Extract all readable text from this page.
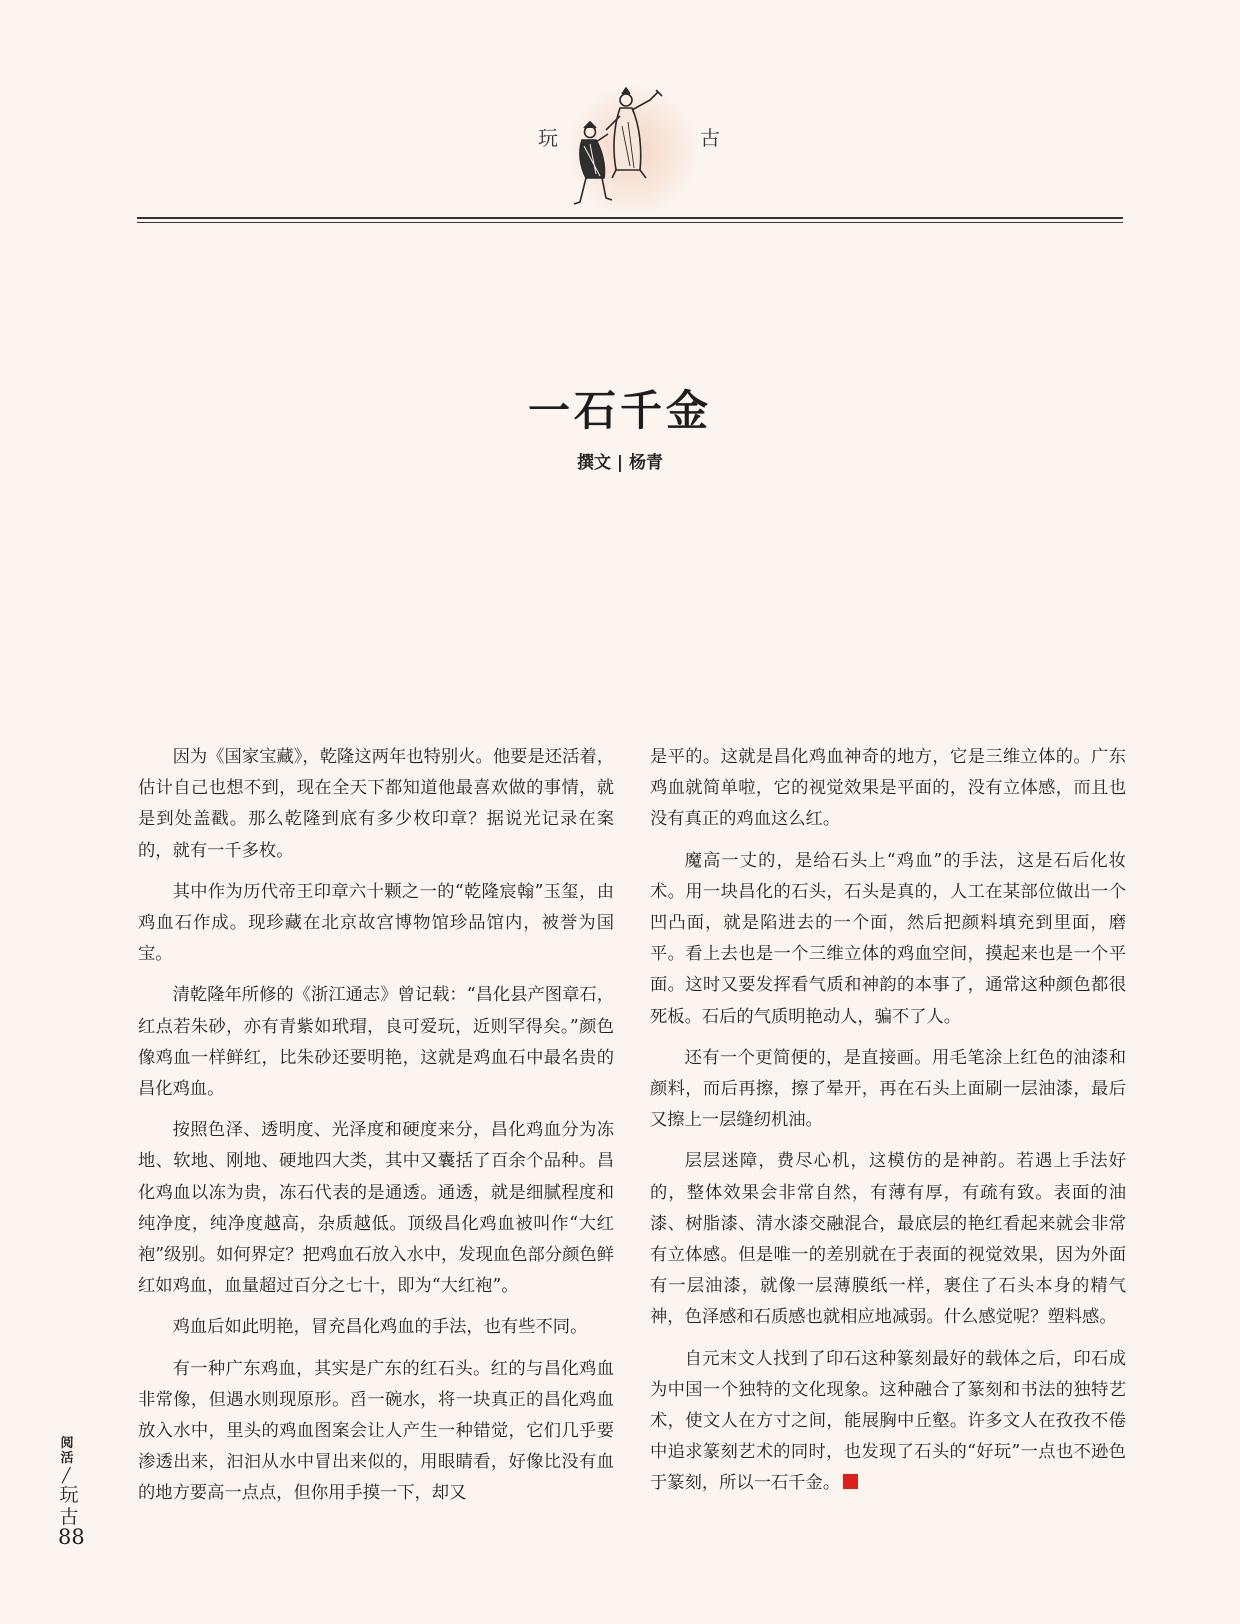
玩	古
一石千金
撰文 | 杨青

因为《国家宝藏》，乾隆这两年也特别火。他要是还活着，估计自己也想不到，现在全天下都知道他最喜欢做的事情，就是到处盖戳。那么乾隆到底有多少枚印章？据说光记录在案的，就有一千多枚。

其中作为历代帝王印章六十颗之一的“乾隆宸翰”玉玺，由鸡血石作成。现珍藏在北京故宫博物馆珍品馆内，被誉为国宝。

清乾隆年所修的《浙江通志》曾记载：“昌化县产图章石，红点若朱砂，亦有青紫如玳瑁，良可爱玩，近则罕得矣。”颜色像鸡血一样鲜红，比朱砂还要明艳，这就是鸡血石中最名贵的昌化鸡血。

按照色泽、透明度、光泽度和硬度来分，昌化鸡血分为冻地、软地、刚地、硬地四大类，其中又囊括了百余个品种。昌化鸡血以冻为贵，冻石代表的是通透。通透，就是细腻程度和纯净度，纯净度越高，杂质越低。顶级昌化鸡血被叫作“大红袍”级别。如何界定？把鸡血石放入水中，发现血色部分颜色鲜红如鸡血，血量超过百分之七十，即为“大红袍”。

鸡血后如此明艳，冒充昌化鸡血的手法，也有些不同。

有一种广东鸡血，其实是广东的红石头。红的与昌化鸡血非常像，但遇水则现原形。舀一碗水，将一块真正的昌化鸡血放入水中，里头的鸡血图案会让人产生一种错觉，它们几乎要渗透出来，汩汩从水中冒出来似的，用眼睛看，好像比没有血的地方要高一点点，但你用手摸一下，却又

是平的。这就是昌化鸡血神奇的地方，它是三维立体的。广东鸡血就简单啦，它的视觉效果是平面的，没有立体感，而且也没有真正的鸡血这么红。

魔高一丈的，是给石头上“鸡血”的手法，这是石后化妆术。用一块昌化的石头，石头是真的，人工在某部位做出一个凹凸面，就是陷进去的一个面，然后把颜料填充到里面，磨平。看上去也是一个三维立体的鸡血空间，摸起来也是一个平面。这时又要发挥看气质和神韵的本事了，通常这种颜色都很死板。石后的气质明艳动人，骗不了人。

还有一个更简便的，是直接画。用毛笔涂上红色的油漆和颜料，而后再擦，擦了晕开，再在石头上面刷一层油漆，最后又擦上一层缝纫机油。

层层迷障，费尽心机，这模仿的是神韵。若遇上手法好的，整体效果会非常自然，有薄有厚，有疏有致。表面的油漆、树脂漆、清水漆交融混合，最底层的艳红看起来就会非常有立体感。但是唯一的差别就在于表面的视觉效果，因为外面有一层油漆，就像一层薄膜纸一样，裹住了石头本身的精气神，色泽感和石质感也就相应地减弱。什么感觉呢？塑料感。

自元末文人找到了印石这种篆刻最好的载体之后，印石成为中国一个独特的文化现象。这种融合了篆刻和书法的独特艺术，使文人在方寸之间，能展胸中丘壑。许多文人在孜孜不倦中追求篆刻艺术的同时，也发现了石头的“好玩”一点也不逊色于篆刻，所以一石千金。

阅
活
╱
玩
古
88
